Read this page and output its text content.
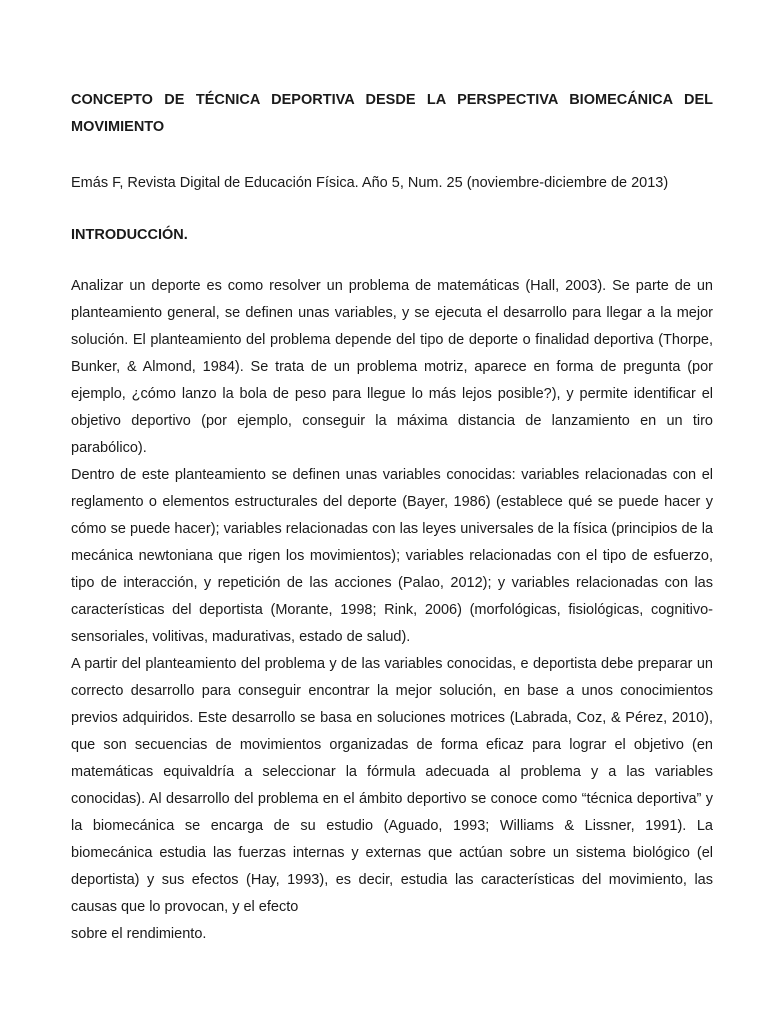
CONCEPTO DE TÉCNICA DEPORTIVA DESDE LA PERSPECTIVA BIOMECÁNICA DEL MOVIMIENTO

Emás F, Revista Digital de Educación Física. Año 5, Num. 25 (noviembre-diciembre de 2013)

INTRODUCCIÓN.

Analizar un deporte es como resolver un problema de matemáticas (Hall, 2003). Se parte de un planteamiento general, se definen unas variables, y se ejecuta el desarrollo para llegar a la mejor solución. El planteamiento del problema depende del tipo de deporte o finalidad deportiva (Thorpe, Bunker, & Almond, 1984). Se trata de un problema motriz, aparece en forma de pregunta (por ejemplo, ¿cómo lanzo la bola de peso para llegue lo más lejos posible?), y permite identificar el objetivo deportivo (por ejemplo, conseguir la máxima distancia de lanzamiento en un tiro parabólico).

Dentro de este planteamiento se definen unas variables conocidas: variables relacionadas con el reglamento o elementos estructurales del deporte (Bayer, 1986) (establece qué se puede hacer y cómo se puede hacer); variables relacionadas con las leyes universales de la física (principios de la mecánica newtoniana que rigen los movimientos); variables relacionadas con el tipo de esfuerzo, tipo de interacción, y repetición de las acciones (Palao, 2012); y variables relacionadas con las características del deportista (Morante, 1998; Rink, 2006) (morfológicas, fisiológicas, cognitivo-sensoriales, volitivas, madurativas, estado de salud).

A partir del planteamiento del problema y de las variables conocidas, e deportista debe preparar un correcto desarrollo para conseguir encontrar la mejor solución, en base a unos conocimientos previos adquiridos. Este desarrollo se basa en soluciones motrices (Labrada, Coz, & Pérez, 2010), que son secuencias de movimientos organizadas de forma eficaz para lograr el objetivo (en matemáticas equivaldría a seleccionar la fórmula adecuada al problema y a las variables conocidas). Al desarrollo del problema en el ámbito deportivo se conoce como “técnica deportiva” y la biomecánica se encarga de su estudio (Aguado, 1993; Williams & Lissner, 1991). La biomecánica estudia las fuerzas internas y externas que actúan sobre un sistema biológico (el deportista) y sus efectos (Hay, 1993), es decir, estudia las características del movimiento, las causas que lo provocan, y el efecto

sobre el rendimiento.
